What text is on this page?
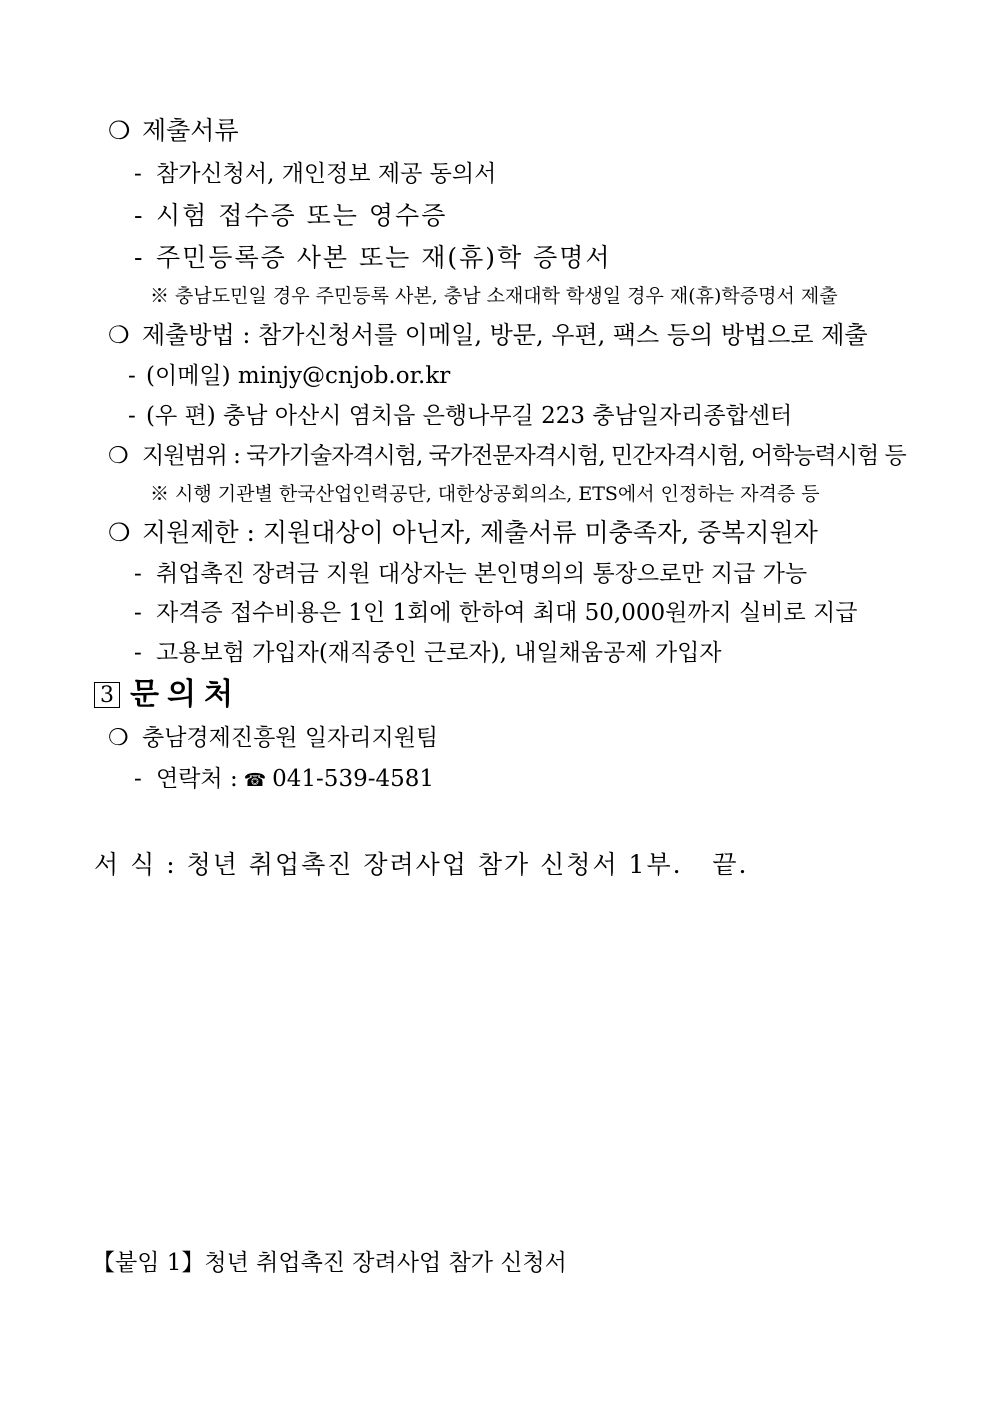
❍ 제출서류
- 참가신청서, 개인정보 제공 동의서
- 시험 접수증 또는 영수증
- 주민등록증 사본 또는 재(휴)학 증명서
※ 충남도민일 경우 주민등록 사본, 충남 소재대학 학생일 경우 재(휴)학증명서 제출
❍ 제출방법 : 참가신청서를 이메일, 방문, 우편, 팩스 등의 방법으로 제출
- (이메일) minjy@cnjob.or.kr
- (우 편) 충남 아산시 염치읍 은행나무길 223 충남일자리종합센터
❍ 지원범위 : 국가기술자격시험, 국가전문자격시험, 민간자격시험, 어학능력시험 등
※ 시행 기관별 한국산업인력공단, 대한상공회의소, ETS에서 인정하는 자격증 등
❍ 지원제한 : 지원대상이 아닌자, 제출서류 미충족자, 중복지원자
- 취업촉진 장려금 지원 대상자는 본인명의의 통장으로만 지급 가능
- 자격증 접수비용은 1인 1회에 한하여 최대 50,000원까지 실비로 지급
- 고용보험 가입자(재직중인 근로자), 내일채움공제 가입자
3 문의처
❍ 충남경제진흥원 일자리지원팀
- 연락처 : ☎ 041-539-4581
서 식 : 청년 취업촉진 장려사업 참가 신청서 1부.   끝.
【붙임 1】청년 취업촉진 장려사업 참가 신청서
